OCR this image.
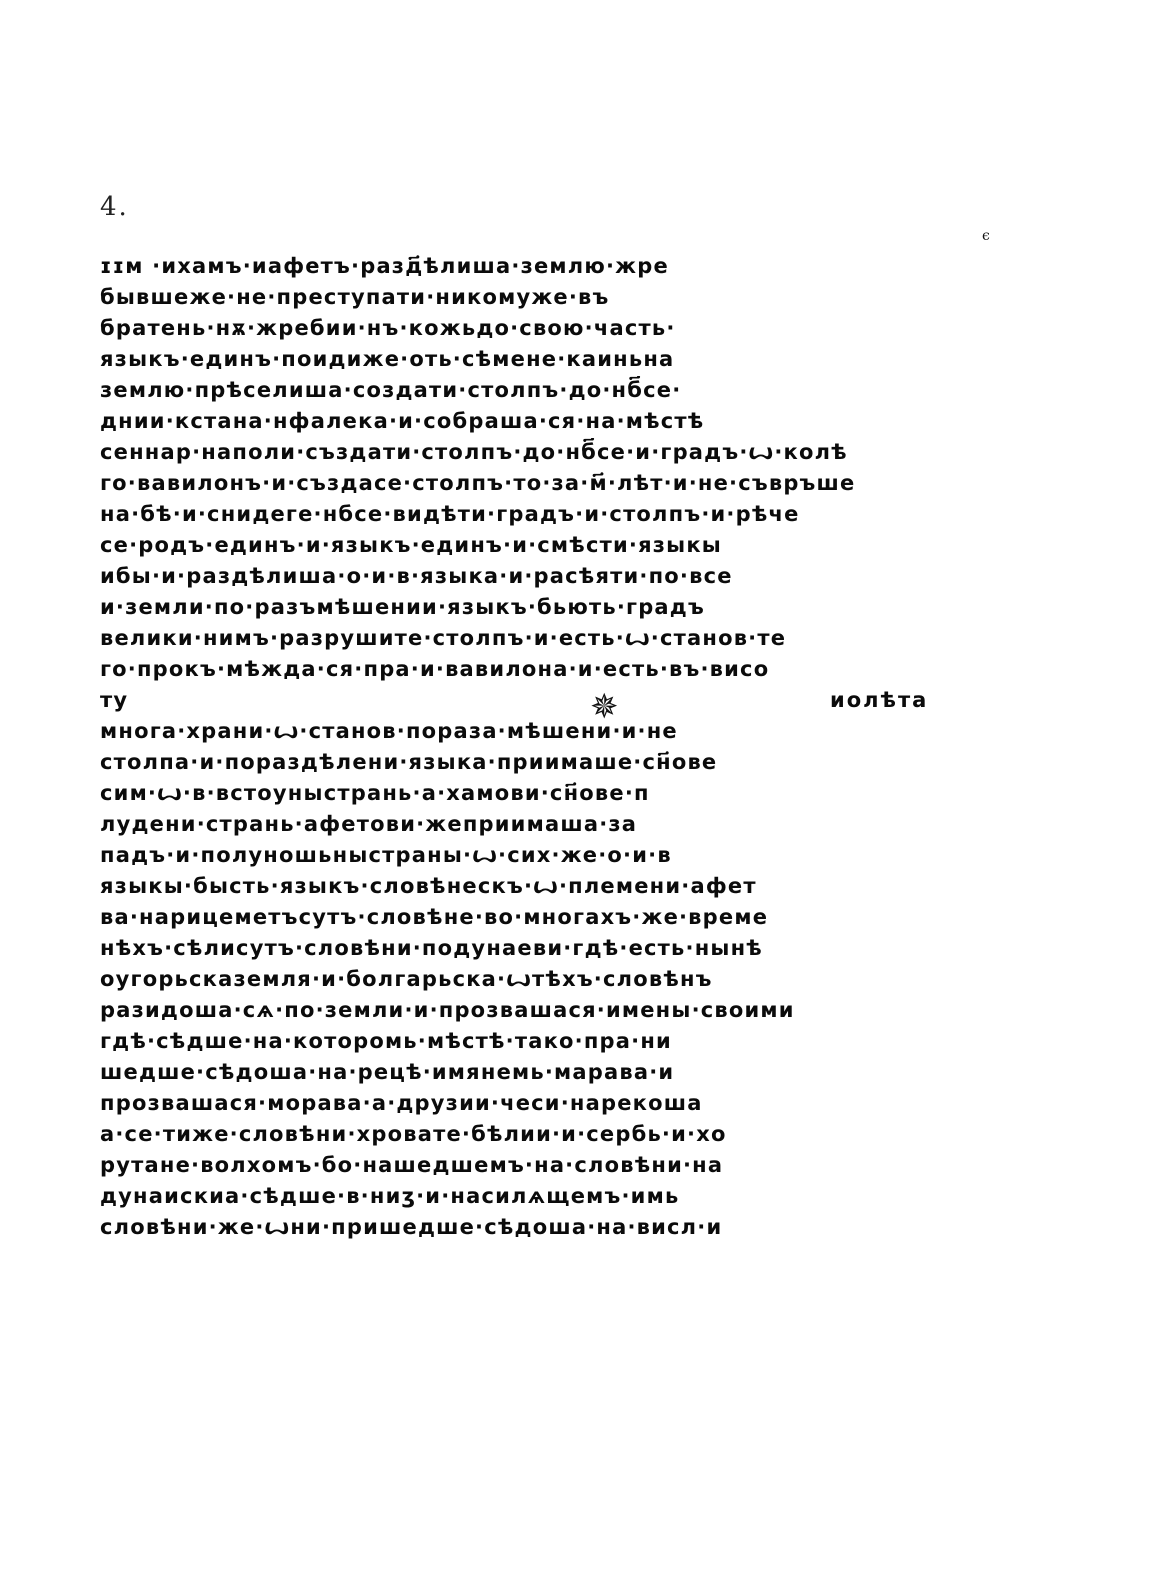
4.
є
ɪɪм ·ихамъ·иафетъ·разд҃ѣлиша·землю·жре
бывшеже·не·преступати·никомуже·въ
братень·нѫ·жребии·нъ·кожьдо·свою·часть·
языкъ·единъ·поидиже·оть·сѣмене·каиньна
землю·прѣселиша·создати·столпъ·до·нб҃се·
днии·кстана·нфалека·и·собраша·ся·на·мѣстѣ
сеннар·наполи·създати·столпъ·до·нб҃се·и·градъ·ꙍ·колѣ
го·вавилонъ·и·създасе·столпъ·то·за·м҃·лѣт·и·не·съвръше
на·бѣ·и·снидеге·нбсе·видѣти·градъ·и·столпъ·и·рѣче
се·родъ·единъ·и·языкъ·единъ·и·смѣсти·языкы
ибы·и·раздѣлиша·о·и·в·языка·и·расѣяти·по·все
и·земли·по·разъмѣшении·языкъ·бьють·градъ
велики·нимъ·разрушите·столпъ·и·есть·ꙍ·станов·те
го·прокъ·мѣжда·ся·пра·и·вавилона·и·есть·въ·висо
ту	иолѣта
✵
многа·храни·ꙍ·станов·пораза·мѣшени·и·не
столпа·и·пораздѣлени·языка·приимаше·сн҃ове
сим·ꙍ·в·встоуныстрань·а·хамови·сн҃ове·п
лудени·странь·афетови·жеприимаша·за
падъ·и·полуношьныстраны·ꙍ·сих·же·о·и·в
языкы·бысть·языкъ·словѣнескъ·ꙍ·племени·афет
ва·нарицеметъсутъ·словѣне·во·многахъ·же·време
нѣхъ·сѣлисутъ·словѣни·подунаеви·гдѣ·есть·нынѣ
оугорьсказемля·и·болгарьска·ꙍтѣхъ·словѣнъ
разидоша·сѧ·по·земли·и·прозвашася·имены·своими
гдѣ·сѣдше·на·которомь·мѣстѣ·тако·пра·ни
шедше·сѣдоша·на·рецѣ·имянемь·марава·и
прозвашася·морава·а·друзии·чеси·нарекоша
а·се·тиже·словѣни·хровате·бѣлии·и·сербь·и·хо
рутане·волхомъ·бо·нашедшемъ·на·словѣни·на
дунаискиа·сѣдше·в·ниӡ·и·насилѧщемъ·имь
словѣни·же·ꙍни·пришедше·сѣдоша·на·висл·и
